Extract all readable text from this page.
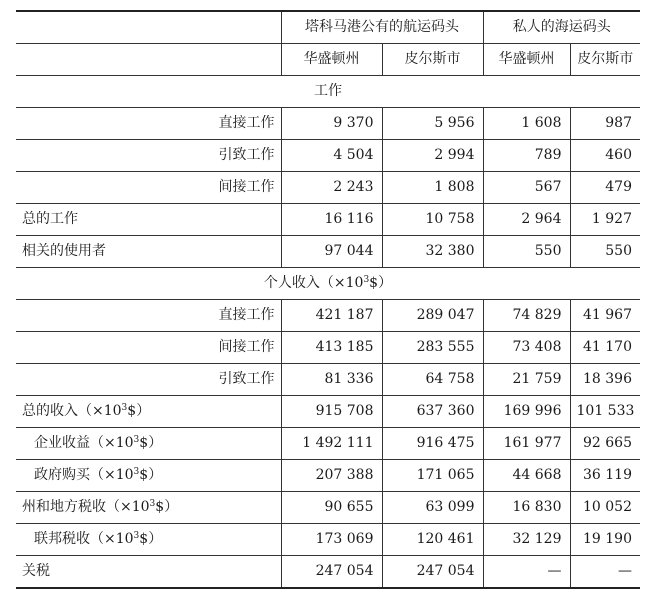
	塔科马港公有的航运码头		私人的海运码头	
	华盛顿州	皮尔斯市	华盛顿州	皮尔斯市
工作				
直接工作	9 370	5 956	1 608	987
引致工作	4 504	2 994	789	460
间接工作	2 243	1 808	567	479
总的工作	16 116	10 758	2 964	1 927
相关的使用者	97 044	32 380	550	550
个人收入$(\times 10^3\$)$				
直接工作	421 187	289 047	74 829	41 967
间接工作	413 185	283 555	73 408	41 170
引致工作	81 336	64 758	21 759	18 396
总的收入$(\times 10^3\$)$	915 708	637 360	169 996	101 533
企业收益$(\times 10^3\$)$	1 492 111	916 475	161 977	92 665
政府购买$(\times 10^3\$)$	207 388	171 065	44 668	36 119
州和地方税收$(\times 10^3\$)$	90 655	63 099	16 830	10 052
联邦税收$(\times 10^3\$)$	173 069	120 461	32 129	19 190
关税	247 054	247 054	—	—
